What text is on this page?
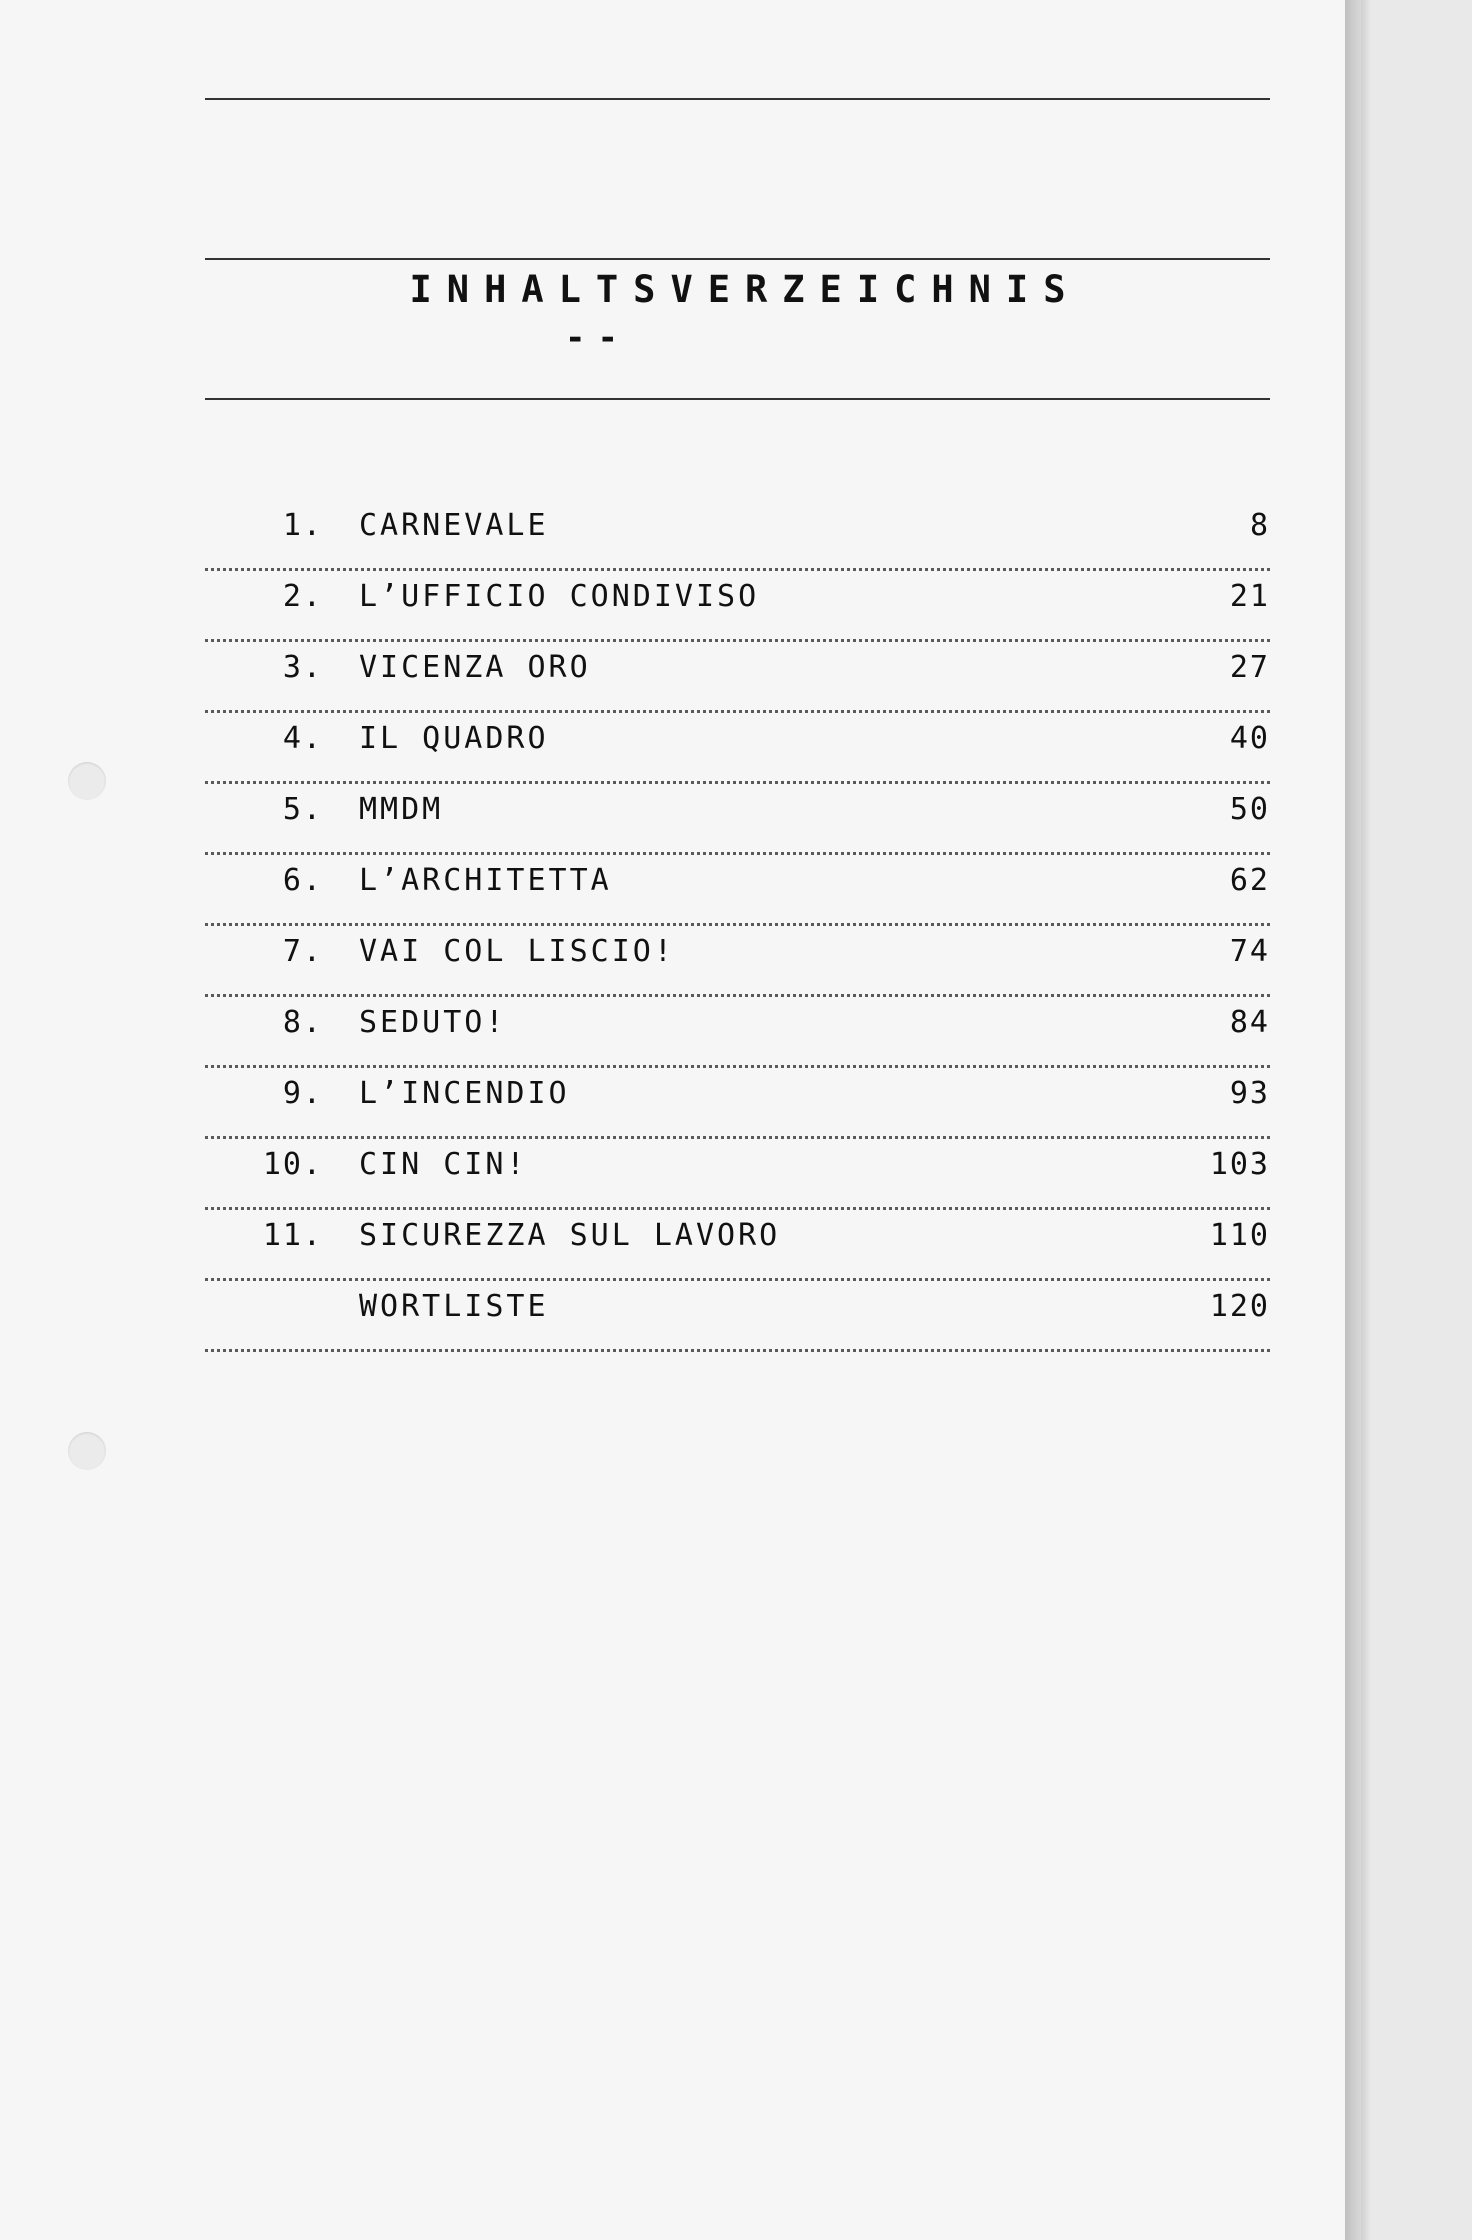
INHALTSVERZEICHNIS
--
1.	CARNEVALE	8
2.	L’UFFICIO CONDIVISO	21
3.	VICENZA ORO	27
4.	IL QUADRO	40
5.	MMDM	50
6.	L’ARCHITETTA	62
7.	VAI COL LISCIO!	74
8.	SEDUTO!	84
9.	L’INCENDIO	93
10.	CIN CIN!	103
11.	SICUREZZA SUL LAVORO	110
WORTLISTE	120
